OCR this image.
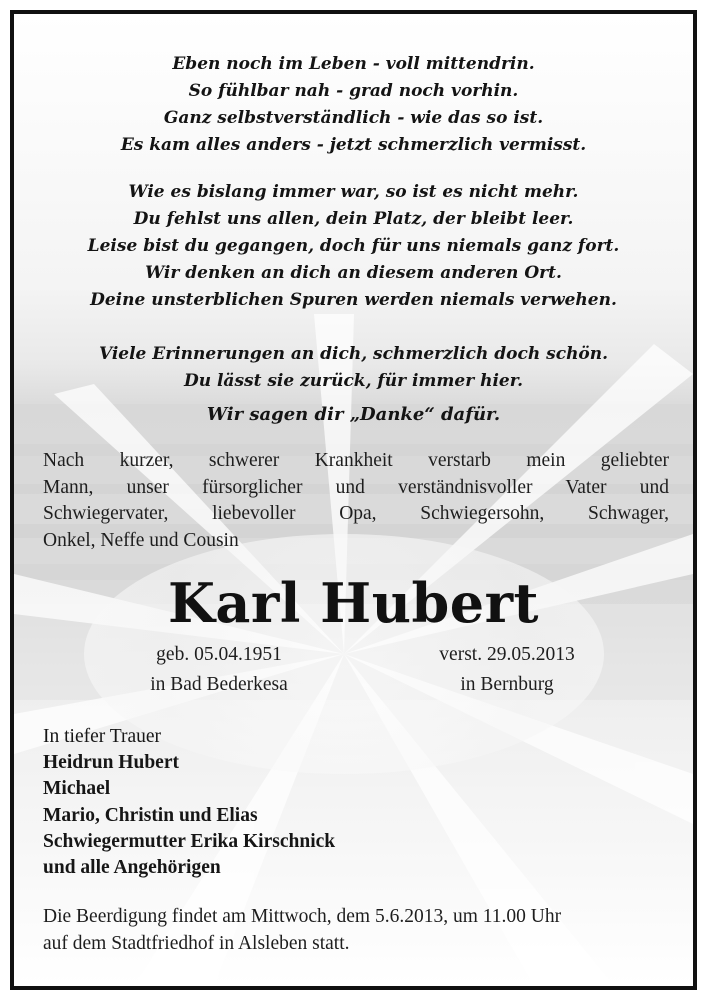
Eben noch im Leben - voll mittendrin.
So fühlbar nah - grad noch vorhin.
Ganz selbstverständlich - wie das so ist.
Es kam alles anders - jetzt schmerzlich vermisst.
Wie es bislang immer war, so ist es nicht mehr.
Du fehlst uns allen, dein Platz, der bleibt leer.
Leise bist du gegangen, doch für uns niemals ganz fort.
Wir denken an dich an diesem anderen Ort.
Deine unsterblichen Spuren werden niemals verwehen.
Viele Erinnerungen an dich, schmerzlich doch schön.
Du lässt sie zurück, für immer hier.
Wir sagen dir „Danke“ dafür.
Nach kurzer, schwerer Krankheit verstarb mein geliebter
Mann, unser fürsorglicher und verständnisvoller Vater und
Schwiegervater, liebevoller Opa, Schwiegersohn, Schwager,
Onkel, Neffe und Cousin
Karl Hubert
geb. 05.04.1951
in Bad Bederkesa
verst. 29.05.2013
in Bernburg
In tiefer Trauer
Heidrun Hubert
Michael
Mario, Christin und Elias
Schwiegermutter Erika Kirschnick
und alle Angehörigen
Die Beerdigung findet am Mittwoch, dem 5.6.2013, um 11.00 Uhr
auf dem Stadtfriedhof in Alsleben statt.
